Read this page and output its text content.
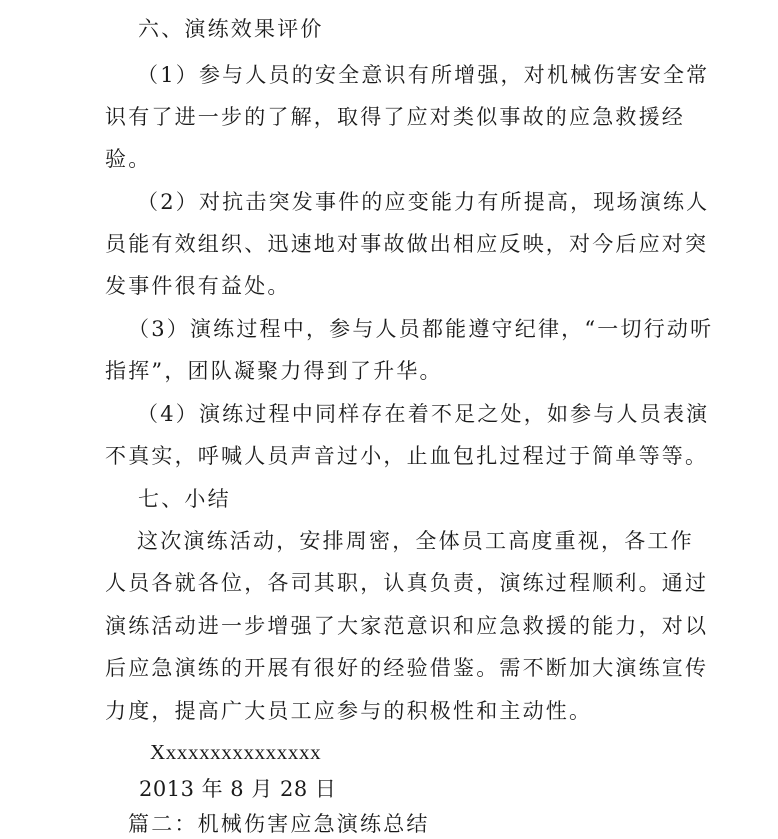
六、演练效果评价
（1）参与人员的安全意识有所增强，对机械伤害安全常
识有了进一步的了解，取得了应对类似事故的应急救援经
验。
（2）对抗击突发事件的应变能力有所提高，现场演练人
员能有效组织、迅速地对事故做出相应反映，对今后应对突
发事件很有益处。
（3）演练过程中，参与人员都能遵守纪律，“一切行动听
指挥”，团队凝聚力得到了升华。
（4）演练过程中同样存在着不足之处，如参与人员表演
不真实，呼喊人员声音过小，止血包扎过程过于简单等等。
七、小结
这次演练活动，安排周密，全体员工高度重视，各工作
人员各就各位，各司其职，认真负责，演练过程顺利。通过
演练活动进一步增强了大家范意识和应急救援的能力，对以
后应急演练的开展有很好的经验借鉴。需不断加大演练宣传
力度，提高广大员工应参与的积极性和主动性。
Xxxxxxxxxxxxxxx
2013 年 8 月 28 日
篇二：机械伤害应急演练总结
